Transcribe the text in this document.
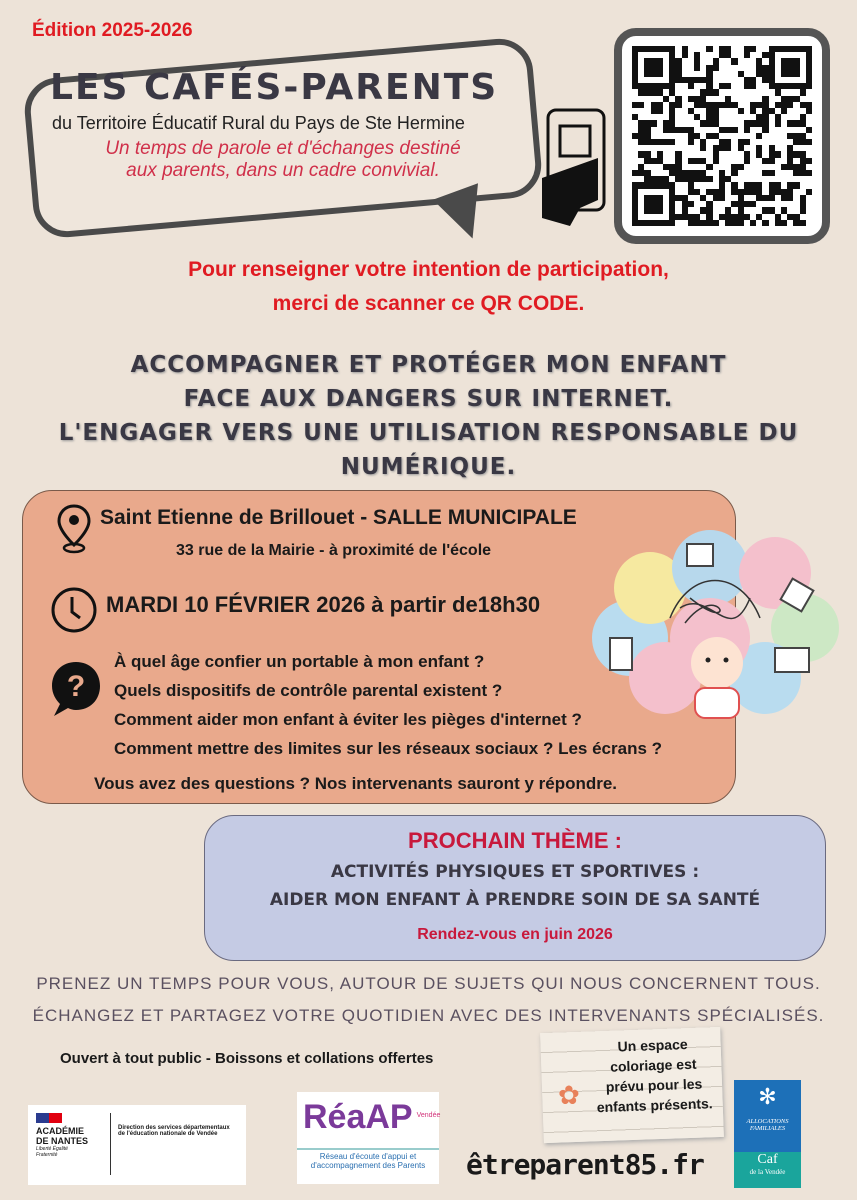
Édition 2025-2026
LES CAFÉS-PARENTS
du Territoire Éducatif Rural du Pays de Ste Hermine
Un temps de parole et d'échanges destiné
aux parents, dans un cadre convivial.
Pour renseigner votre intention de participation,
merci de scanner ce QR CODE.
ACCOMPAGNER ET PROTÉGER MON ENFANT
FACE AUX DANGERS SUR INTERNET.
L'ENGAGER VERS UNE UTILISATION RESPONSABLE DU
NUMÉRIQUE.
Saint Etienne de Brillouet - SALLE MUNICIPALE
33 rue de la Mairie - à proximité de l'école
MARDI 10 FÉVRIER 2026 à partir de18h30
?
À quel âge confier un portable à mon enfant ?
Quels dispositifs de contrôle parental existent ?
Comment aider mon enfant à éviter les pièges d'internet ?
Comment mettre des limites sur les réseaux sociaux ? Les écrans ?
Vous avez des questions ? Nos intervenants sauront y répondre.
PROCHAIN THÈME :
ACTIVITÉS PHYSIQUES ET SPORTIVES :
AIDER MON ENFANT À PRENDRE SOIN DE SA SANTÉ
Rendez-vous en juin 2026
PRENEZ UN TEMPS POUR VOUS, AUTOUR DE SUJETS QUI NOUS CONCERNENT TOUS.
ÉCHANGEZ ET PARTAGEZ VOTRE QUOTIDIEN AVEC DES INTERVENANTS SPÉCIALISÉS.
Ouvert à tout public - Boissons et collations offertes
Un espace coloriage est prévu pour les enfants présents.
✿
ACADÉMIE
DE NANTES
Liberté Égalité Fraternité
Direction des services départementaux de l'éducation nationale de Vendée	RéaAP Vendée
Réseau d'écoute d'appui et d'accompagnement des Parents	êtreparent85.fr
✻
ALLOCATIONS FAMILIALES
Caf
de la Vendée
